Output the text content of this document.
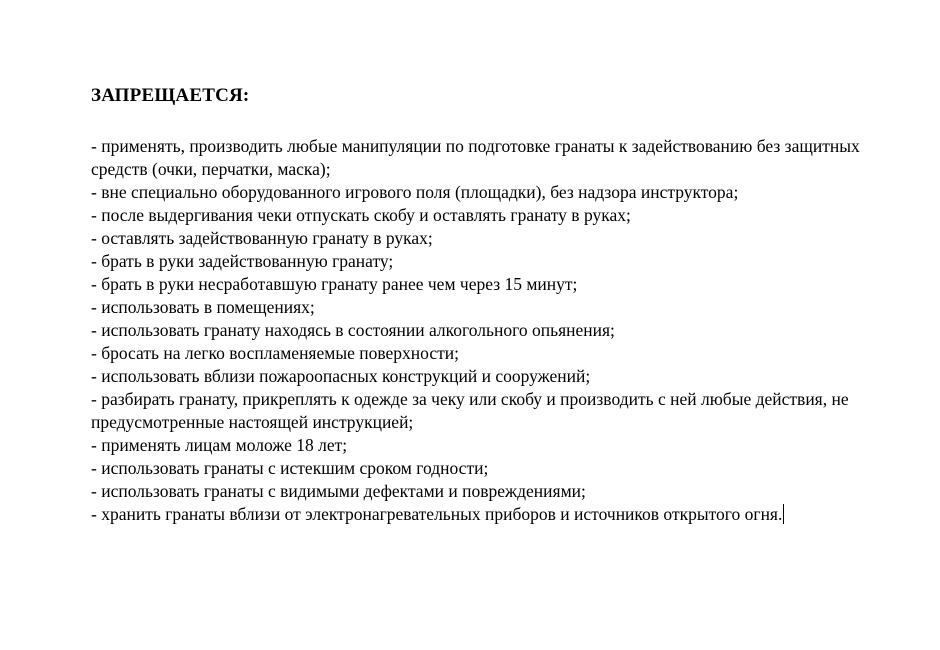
ЗАПРЕЩАЕТСЯ:
- применять, производить любые манипуляции по подготовке гранаты к задействованию без защитных средств (очки, перчатки, маска);
- вне специально оборудованного игрового поля (площадки), без надзора инструктора;
- после выдергивания чеки отпускать скобу и оставлять гранату в руках;
- оставлять задействованную гранату в руках;
- брать в руки задействованную гранату;
- брать в руки несработавшую гранату ранее чем через 15 минут;
- использовать в помещениях;
- использовать гранату находясь в состоянии алкогольного опьянения;
- бросать на легко воспламеняемые поверхности;
- использовать вблизи пожароопасных конструкций и сооружений;
- разбирать гранату, прикреплять к одежде за чеку или скобу и производить с ней любые действия, не предусмотренные настоящей инструкцией;
- применять лицам моложе 18 лет;
- использовать гранаты с истекшим сроком годности;
- использовать гранаты с видимыми дефектами и повреждениями;
- хранить гранаты вблизи от электронагревательных приборов и источников открытого огня.
